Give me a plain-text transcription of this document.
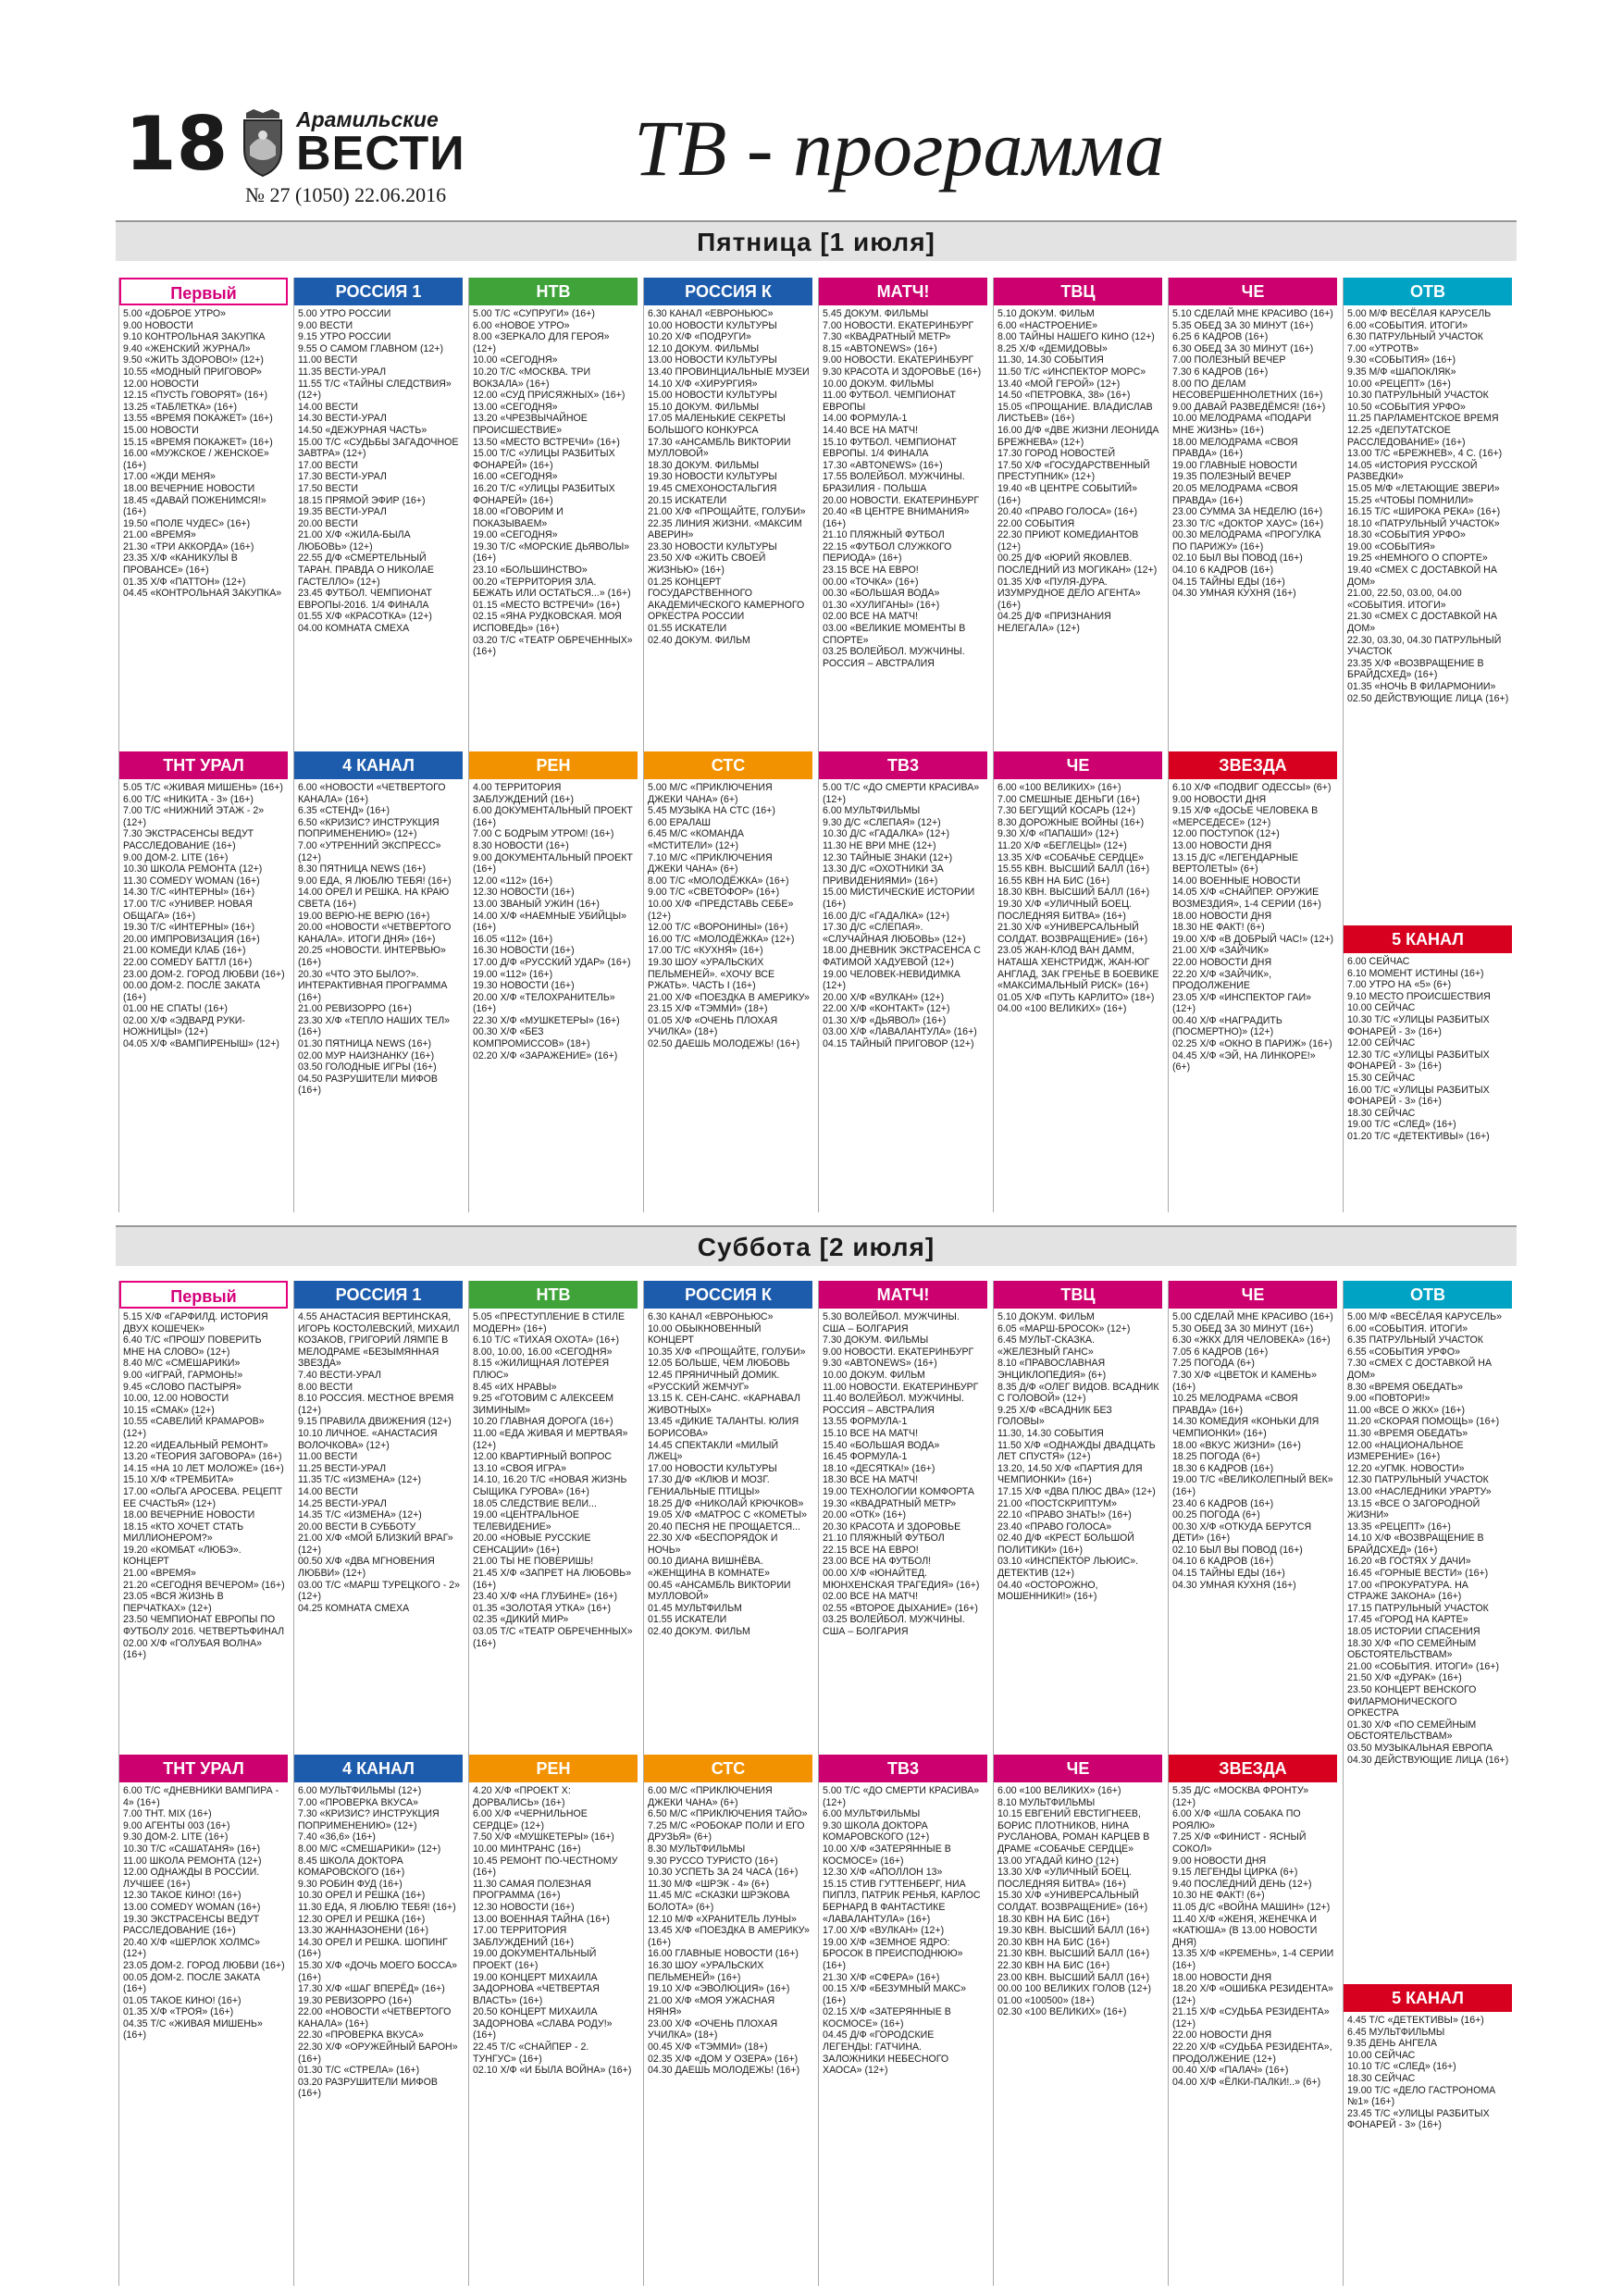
18	Арамильские
ВЕСТИ
№ 27 (1050) 22.06.2016
ТВ - программа
Пятница [1 июля]
Суббота [2 июля]
Первый
5.00 «ДОБРОЕ УТРО»
9.00 НОВОСТИ
9.10 КОНТРОЛЬНАЯ ЗАКУПКА
9.40 «ЖЕНСКИЙ ЖУРНАЛ»
9.50 «ЖИТЬ ЗДОРОВО!» (12+)
10.55 «МОДНЫЙ ПРИГОВОР»
12.00 НОВОСТИ
12.15 «ПУСТЬ ГОВОРЯТ» (16+)
13.25 «ТАБЛЕТКА» (16+)
13.55 «ВРЕМЯ ПОКАЖЕТ» (16+)
15.00 НОВОСТИ
15.15 «ВРЕМЯ ПОКАЖЕТ» (16+)
16.00 «МУЖСКОЕ / ЖЕНСКОЕ» (16+)
17.00 «ЖДИ МЕНЯ»
18.00 ВЕЧЕРНИЕ НОВОСТИ
18.45 «ДАВАЙ ПОЖЕНИМСЯ!» (16+)
19.50 «ПОЛЕ ЧУДЕС» (16+)
21.00 «ВРЕМЯ»
21.30 «ТРИ АККОРДА» (16+)
23.35 Х/Ф «КАНИКУЛЫ В ПРОВАНСЕ» (16+)
01.35 Х/Ф «ПАТТОН» (12+)
04.45 «КОНТРОЛЬНАЯ ЗАКУПКА»
РОССИЯ 1
5.00 УТРО РОССИИ
9.00 ВЕСТИ
9.15 УТРО РОССИИ
9.55 О САМОМ ГЛАВНОМ (12+)
11.00 ВЕСТИ
11.35 ВЕСТИ-УРАЛ
11.55 Т/С «ТАЙНЫ СЛЕДСТВИЯ» (12+)
14.00 ВЕСТИ
14.30 ВЕСТИ-УРАЛ
14.50 «ДЕЖУРНАЯ ЧАСТЬ»
15.00 Т/С «СУДЬБЫ ЗАГАДОЧНОЕ ЗАВТРА» (12+)
17.00 ВЕСТИ
17.30 ВЕСТИ-УРАЛ
17.50 ВЕСТИ
18.15 ПРЯМОЙ ЭФИР (16+)
19.35 ВЕСТИ-УРАЛ
20.00 ВЕСТИ
21.00 Х/Ф «ЖИЛА-БЫЛА ЛЮБОВЬ» (12+)
22.55 Д/Ф «СМЕРТЕЛЬНЫЙ ТАРАН. ПРАВДА О НИКОЛАЕ ГАСТЕЛЛО» (12+)
23.45 ФУТБОЛ. ЧЕМПИОНАТ ЕВРОПЫ-2016. 1/4 ФИНАЛА
01.55 Х/Ф «КРАСОТКА» (12+)
04.00 КОМНАТА СМЕХА
НТВ
5.00 Т/С «СУПРУГИ» (16+)
6.00 «НОВОЕ УТРО»
8.00 «ЗЕРКАЛО ДЛЯ ГЕРОЯ» (12+)
10.00 «СЕГОДНЯ»
10.20 Т/С «МОСКВА. ТРИ ВОКЗАЛА» (16+)
12.00 «СУД ПРИСЯЖНЫХ» (16+)
13.00 «СЕГОДНЯ»
13.20 «ЧРЕЗВЫЧАЙНОЕ ПРОИСШЕСТВИЕ»
13.50 «МЕСТО ВСТРЕЧИ» (16+)
15.00 Т/С «УЛИЦЫ РАЗБИТЫХ ФОНАРЕЙ» (16+)
16.00 «СЕГОДНЯ»
16.20 Т/С «УЛИЦЫ РАЗБИТЫХ ФОНАРЕЙ» (16+)
18.00 «ГОВОРИМ И ПОКАЗЫВАЕМ»
19.00 «СЕГОДНЯ»
19.30 Т/С «МОРСКИЕ ДЬЯВОЛЫ» (16+)
23.10 «БОЛЬШИНСТВО»
00.20 «ТЕРРИТОРИЯ ЗЛА. БЕЖАТЬ ИЛИ ОСТАТЬСЯ...» (16+)
01.15 «МЕСТО ВСТРЕЧИ» (16+)
02.15 «ЯНА РУДКОВСКАЯ. МОЯ ИСПОВЕДЬ» (16+)
03.20 Т/С «ТЕАТР ОБРЕЧЕННЫХ» (16+)
РОССИЯ К
6.30 КАНАЛ «ЕВРОНЬЮС»
10.00 НОВОСТИ КУЛЬТУРЫ
10.20 Х/Ф «ПОДРУГИ»
12.10 ДОКУМ. ФИЛЬМЫ
13.00 НОВОСТИ КУЛЬТУРЫ
13.40 ПРОВИНЦИАЛЬНЫЕ МУЗЕИ
14.10 Х/Ф «ХИРУРГИЯ»
15.00 НОВОСТИ КУЛЬТУРЫ
15.10 ДОКУМ. ФИЛЬМЫ
17.05 МАЛЕНЬКИЕ СЕКРЕТЫ БОЛЬШОГО КОНКУРСА
17.30 «АНСАМБЛЬ ВИКТОРИИ МУЛЛОВОЙ»
18.30 ДОКУМ. ФИЛЬМЫ
19.30 НОВОСТИ КУЛЬТУРЫ
19.45 СМЕХОНОСТАЛЬГИЯ
20.15 ИСКАТЕЛИ
21.00 Х/Ф «ПРОЩАЙТЕ, ГОЛУБИ»
22.35 ЛИНИЯ ЖИЗНИ. «МАКСИМ АВЕРИН»
23.30 НОВОСТИ КУЛЬТУРЫ
23.50 Х/Ф «ЖИТЬ СВОЕЙ ЖИЗНЬЮ» (16+)
01.25 КОНЦЕРТ ГОСУДАРСТВЕННОГО АКАДЕМИЧЕСКОГО КАМЕРНОГО ОРКЕСТРА РОССИИ
01.55 ИСКАТЕЛИ
02.40 ДОКУМ. ФИЛЬМ
МАТЧ!
5.45 ДОКУМ. ФИЛЬМЫ
7.00 НОВОСТИ. ЕКАТЕРИНБУРГ
7.30 «КВАДРАТНЫЙ МЕТР»
8.15 «ABTONEWS» (16+)
9.00 НОВОСТИ. ЕКАТЕРИНБУРГ
9.30 КРАСОТА И ЗДОРОВЬЕ (16+)
10.00 ДОКУМ. ФИЛЬМЫ
11.00 ФУТБОЛ. ЧЕМПИОНАТ ЕВРОПЫ
14.00 ФОРМУЛА-1
14.40 ВСЕ НА МАТЧ!
15.10 ФУТБОЛ. ЧЕМПИОНАТ ЕВРОПЫ. 1/4 ФИНАЛА
17.30 «ABTONEWS» (16+)
17.55 ВОЛЕЙБОЛ. МУЖЧИНЫ. БРАЗИЛИЯ - ПОЛЬША
20.00 НОВОСТИ. ЕКАТЕРИНБУРГ
20.40 «В ЦЕНТРЕ ВНИМАНИЯ» (16+)
21.10 ПЛЯЖНЫЙ ФУТБОЛ
22.15 «ФУТБОЛ СЛУЖКОГО ПЕРИОДА» (16+)
23.15 ВСЕ НА ЕВРО!
00.00 «ТОЧКА» (16+)
00.30 «БОЛЬШАЯ ВОДА»
01.30 «ХУЛИГАНЫ» (16+)
02.00 ВСЕ НА МАТЧ!
03.00 «ВЕЛИКИЕ МОМЕНТЫ В СПОРТЕ»
03.25 ВОЛЕЙБОЛ. МУЖЧИНЫ. РОССИЯ – АВСТРАЛИЯ
ТВЦ
5.10 ДОКУМ. ФИЛЬМ
6.00 «НАСТРОЕНИЕ»
8.00 ТАЙНЫ НАШЕГО КИНО (12+)
8.25 Х/Ф «ДЕМИДОВЫ»
11.30, 14.30 СОБЫТИЯ
11.50 Т/С «ИНСПЕКТОР МОРС»
13.40 «МОЙ ГЕРОЙ» (12+)
14.50 «ПЕТРОВКА, 38» (16+)
15.05 «ПРОЩАНИЕ. ВЛАДИСЛАВ ЛИСТЬЕВ» (16+)
16.00 Д/Ф «ДВЕ ЖИЗНИ ЛЕОНИДА БРЕЖНЕВА» (12+)
17.30 ГОРОД НОВОСТЕЙ
17.50 Х/Ф «ГОСУДАРСТВЕННЫЙ ПРЕСТУПНИК» (12+)
19.40 «В ЦЕНТРЕ СОБЫТИЙ» (16+)
20.40 «ПРАВО ГОЛОСА» (16+)
22.00 СОБЫТИЯ
22.30 ПРИЮТ КОМЕДИАНТОВ (12+)
00.25 Д/Ф «ЮРИЙ ЯКОВЛЕВ. ПОСЛЕДНИЙ ИЗ МОГИКАН» (12+)
01.35 Х/Ф «ПУЛЯ-ДУРА. ИЗУМРУДНОЕ ДЕЛО АГЕНТА» (16+)
04.25 Д/Ф «ПРИЗНАНИЯ НЕЛЕГАЛА» (12+)
ЧЕ
5.10 СДЕЛАЙ МНЕ КРАСИВО (16+)
5.35 ОБЕД ЗА 30 МИНУТ (16+)
6.25 6 КАДРОВ (16+)
6.30 ОБЕД ЗА 30 МИНУТ (16+)
7.00 ПОЛЕЗНЫЙ ВЕЧЕР
7.30 6 КАДРОВ (16+)
8.00 ПО ДЕЛАМ НЕСОВЕРШЕННОЛЕТНИХ (16+)
9.00 ДАВАЙ РАЗВЕДЁМСЯ! (16+)
10.00 МЕЛОДРАМА «ПОДАРИ МНЕ ЖИЗНЬ» (16+)
18.00 МЕЛОДРАМА «СВОЯ ПРАВДА» (16+)
19.00 ГЛАВНЫЕ НОВОСТИ
19.35 ПОЛЕЗНЫЙ ВЕЧЕР
20.05 МЕЛОДРАМА «СВОЯ ПРАВДА» (16+)
23.00 СУММА ЗА НЕДЕЛЮ (16+)
23.30 Т/С «ДОКТОР ХАУС» (16+)
00.30 МЕЛОДРАМА «ПРОГУЛКА ПО ПАРИЖУ» (16+)
02.10 БЫЛ ВЫ ПОВОД (16+)
04.10 6 КАДРОВ (16+)
04.15 ТАЙНЫ ЕДЫ (16+)
04.30 УМНАЯ КУХНЯ (16+)
ОТВ
5.00 М/Ф ВЕСЁЛАЯ КАРУСЕЛЬ
6.00 «СОБЫТИЯ. ИТОГИ»
6.30 ПАТРУЛЬНЫЙ УЧАСТОК
7.00 «УТРОТВ»
9.30 «СОБЫТИЯ» (16+)
9.35 М/Ф «ШАПОКЛЯК»
10.00 «РЕЦЕПТ» (16+)
10.30 ПАТРУЛЬНЫЙ УЧАСТОК
10.50 «СОБЫТИЯ УРФО»
11.25 ПАРЛАМЕНТСКОЕ ВРЕМЯ
12.25 «ДЕПУТАТСКОЕ РАССЛЕДОВАНИЕ» (16+)
13.00 Т/С «БРЕЖНЕВ», 4 С. (16+)
14.05 «ИСТОРИЯ РУССКОЙ РАЗВЕДКИ»
15.05 М/Ф «ЛЕТАЮЩИЕ ЗВЕРИ»
15.25 «ЧТОБЫ ПОМНИЛИ»
16.15 Т/С «ШИРОКА РЕКА» (16+)
18.10 «ПАТРУЛЬНЫЙ УЧАСТОК»
18.30 «СОБЫТИЯ УРФО»
19.00 «СОБЫТИЯ»
19.25 «НЕМНОГО О СПОРТЕ»
19.40 «СМЕХ С ДОСТАВКОЙ НА ДОМ»
21.00, 22.50, 03.00, 04.00 «СОБЫТИЯ. ИТОГИ»
21.30 «СМЕХ С ДОСТАВКОЙ НА ДОМ»
22.30, 03.30, 04.30 ПАТРУЛЬНЫЙ УЧАСТОК
23.35 Х/Ф «ВОЗВРАЩЕНИЕ В БРАЙДСХЕД» (16+)
01.35 «НОЧЬ В ФИЛАРМОНИИ»
02.50 ДЕЙСТВУЮЩИЕ ЛИЦА (16+)
ТНТ УРАЛ
5.05 Т/С «ЖИВАЯ МИШЕНЬ» (16+)
6.00 Т/С «НИКИТА - 3» (16+)
7.00 Т/С «НИЖНИЙ ЭТАЖ - 2» (12+)
7.30 ЭКСТРАСЕНСЫ ВЕДУТ РАССЛЕДОВАНИЕ (16+)
9.00 ДОМ-2. LITE (16+)
10.30 ШКОЛА РЕМОНТА (12+)
11.30 COMEDY WOMAN (16+)
14.30 Т/С «ИНТЕРНЫ» (16+)
17.00 Т/С «УНИВЕР. НОВАЯ ОБЩАГА» (16+)
19.30 Т/С «ИНТЕРНЫ» (16+)
20.00 ИМПРОВИЗАЦИЯ (16+)
21.00 КОМЕДИ КЛАБ (16+)
22.00 COMEDY БАТТЛ (16+)
23.00 ДОМ-2. ГОРОД ЛЮБВИ (16+)
00.00 ДОМ-2. ПОСЛЕ ЗАКАТА (16+)
01.00 НЕ СПАТЬ! (16+)
02.00 Х/Ф «ЭДВАРД РУКИ-НОЖНИЦЫ» (12+)
04.05 Х/Ф «ВАМПИРЕНЫШ» (12+)
4 КАНАЛ
6.00 «НОВОСТИ «ЧЕТВЕРТОГО КАНАЛА» (16+)
6.35 «СТЕНД» (16+)
6.50 «КРИЗИС? ИНСТРУКЦИЯ ПОПРИМЕНЕНИЮ» (12+)
7.00 «УТРЕННИЙ ЭКСПРЕСС» (12+)
8.30 ПЯТНИЦА NEWS (16+)
9.00 ЕДА, Я ЛЮБЛЮ ТЕБЯ! (16+)
14.00 ОРЕЛ И РЕШКА. НА КРАЮ СВЕТА (16+)
19.00 ВЕРЮ-НЕ ВЕРЮ (16+)
20.00 «НОВОСТИ «ЧЕТВЕРТОГО КАНАЛА». ИТОГИ ДНЯ» (16+)
20.25 «НОВОСТИ. ИНТЕРВЬЮ» (16+)
20.30 «ЧТО ЭТО БЫЛО?». ИНТЕРАКТИВНАЯ ПРОГРАММА (16+)
21.00 РЕВИЗОРРО (16+)
23.30 Х/Ф «ТЕПЛО НАШИХ ТЕЛ» (16+)
01.30 ПЯТНИЦА NEWS (16+)
02.00 МУР НАИЗНАНКУ (16+)
03.50 ГОЛОДНЫЕ ИГРЫ (16+)
04.50 РАЗРУШИТЕЛИ МИФОВ (16+)
РЕН
4.00 ТЕРРИТОРИЯ ЗАБЛУЖДЕНИЙ (16+)
6.00 ДОКУМЕНТАЛЬНЫЙ ПРОЕКТ (16+)
7.00 С БОДРЫМ УТРОМ! (16+)
8.30 НОВОСТИ (16+)
9.00 ДОКУМЕНТАЛЬНЫЙ ПРОЕКТ (16+)
12.00 «112» (16+)
12.30 НОВОСТИ (16+)
13.00 ЗВАНЫЙ УЖИН (16+)
14.00 Х/Ф «НАЕМНЫЕ УБИЙЦЫ» (16+)
16.05 «112» (16+)
16.30 НОВОСТИ (16+)
17.00 Д/Ф «РУССКИЙ УДАР» (16+)
19.00 «112» (16+)
19.30 НОВОСТИ (16+)
20.00 Х/Ф «ТЕЛОХРАНИТЕЛЬ» (16+)
22.30 Х/Ф «МУШКЕТЕРЫ» (16+)
00.30 Х/Ф «БЕЗ КОМПРОМИССОВ» (18+)
02.20 Х/Ф «ЗАРАЖЕНИЕ» (16+)
СТС
5.00 М/С «ПРИКЛЮЧЕНИЯ ДЖЕКИ ЧАНА» (6+)
5.45 МУЗЫКА НА СТС (16+)
6.00 ЕРАЛАШ
6.45 М/С «КОМАНДА «МСТИТЕЛИ» (12+)
7.10 М/С «ПРИКЛЮЧЕНИЯ ДЖЕКИ ЧАНА» (6+)
8.00 Т/С «МОЛОДЁЖКА» (16+)
9.00 Т/С «СВЕТОФОР» (16+)
10.00 Х/Ф «ПРЕДСТАВЬ СЕБЕ» (12+)
12.00 Т/С «ВОРОНИНЫ» (16+)
16.00 Т/С «МОЛОДЁЖКА» (12+)
17.00 Т/С «КУХНЯ» (16+)
19.30 ШОУ «УРАЛЬСКИХ ПЕЛЬМЕНЕЙ». «ХОЧУ ВСЕ РЖАТЬ». ЧАСТЬ I (16+)
21.00 Х/Ф «ПОЕЗДКА В АМЕРИКУ»
23.15 Х/Ф «ТЭММИ» (18+)
01.05 Х/Ф «ОЧЕНЬ ПЛОХАЯ УЧИЛКА» (18+)
02.50 ДАЕШЬ МОЛОДЕЖЬ! (16+)
ТВ3
5.00 Т/С «ДО СМЕРТИ КРАСИВА» (12+)
6.00 МУЛЬТФИЛЬМЫ
9.30 Д/С «СЛЕПАЯ» (12+)
10.30 Д/С «ГАДАЛКА» (12+)
11.30 НЕ ВРИ МНЕ (12+)
12.30 ТАЙНЫЕ ЗНАКИ (12+)
13.30 Д/С «ОХОТНИКИ ЗА ПРИВИДЕНИЯМИ» (16+)
15.00 МИСТИЧЕСКИЕ ИСТОРИИ (16+)
16.00 Д/С «ГАДАЛКА» (12+)
17.30 Д/С «СЛЕПАЯ». «СЛУЧАЙНАЯ ЛЮБОВЬ» (12+)
18.00 ДНЕВНИК ЭКСТРАСЕНСА С ФАТИМОЙ ХАДУЕВОЙ (12+)
19.00 ЧЕЛОВЕК-НЕВИДИМКА (12+)
20.00 Х/Ф «ВУЛКАН» (12+)
22.00 Х/Ф «КОНТАКТ» (12+)
01.30 Х/Ф «ДЬЯВОЛ» (16+)
03.00 Х/Ф «ЛАВАЛАНТУЛА» (16+)
04.15 ТАЙНЫЙ ПРИГОВОР (12+)
ЧЕ
6.00 «100 ВЕЛИКИХ» (16+)
7.00 СМЕШНЫЕ ДЕНЬГИ (16+)
7.30 БЕГУЩИЙ КОСАРЬ (12+)
8.30 ДОРОЖНЫЕ ВОЙНЫ (16+)
9.30 Х/Ф «ПАПАШИ» (12+)
11.20 Х/Ф «БЕГЛЕЦЫ» (12+)
13.35 Х/Ф «СОБАЧЬЕ СЕРДЦЕ»
15.55 КВН. ВЫСШИЙ БАЛЛ (16+)
16.55 КВН НА БИС (16+)
18.30 КВН. ВЫСШИЙ БАЛЛ (16+)
19.30 Х/Ф «УЛИЧНЫЙ БОЕЦ. ПОСЛЕДНЯЯ БИТВА» (16+)
21.30 Х/Ф «УНИВЕРСАЛЬНЫЙ СОЛДАТ. ВОЗВРАЩЕНИЕ» (16+)
23.05 ЖАН-КЛОД ВАН ДАММ, НАТАША ХЕНСТРИДЖ, ЖАН-ЮГ АНГЛАД, ЗАК ГРЕНЬЕ В БОЕВИКЕ «МАКСИМАЛЬНЫЙ РИСК» (16+)
01.05 Х/Ф «ПУТЬ КАРЛИТО» (18+)
04.00 «100 ВЕЛИКИХ» (16+)
ЗВЕЗДА
6.10 Х/Ф «ПОДВИГ ОДЕССЫ» (6+)
9.00 НОВОСТИ ДНЯ
9.15 Х/Ф «ДОСЬЕ ЧЕЛОВЕКА В «МЕРСЕДЕСЕ» (12+)
12.00 ПОСТУПОК (12+)
13.00 НОВОСТИ ДНЯ
13.15 Д/С «ЛЕГЕНДАРНЫЕ ВЕРТОЛЕТЫ» (6+)
14.00 ВОЕННЫЕ НОВОСТИ
14.05 Х/Ф «СНАЙПЕР. ОРУЖИЕ ВОЗМЕЗДИЯ», 1-4 СЕРИИ (16+)
18.00 НОВОСТИ ДНЯ
18.30 НЕ ФАКТ! (6+)
19.00 Х/Ф «В ДОБРЫЙ ЧАС!» (12+)
21.00 Х/Ф «ЗАЙЧИК»
22.00 НОВОСТИ ДНЯ
22.20 Х/Ф «ЗАЙЧИК», ПРОДОЛЖЕНИЕ
23.05 Х/Ф «ИНСПЕКТОР ГАИ» (12+)
00.40 Х/Ф «НАГРАДИТЬ (ПОСМЕРТНО)» (12+)
02.25 Х/Ф «ОКНО В ПАРИЖ» (16+)
04.45 Х/Ф «ЭЙ, НА ЛИНКОРЕ!» (6+)
5 КАНАЛ
6.00 СЕЙЧАС
6.10 МОМЕНТ ИСТИНЫ (16+)
7.00 УТРО НА «5» (6+)
9.10 МЕСТО ПРОИСШЕСТВИЯ
10.00 СЕЙЧАС
10.30 Т/С «УЛИЦЫ РАЗБИТЫХ ФОНАРЕЙ - 3» (16+)
12.00 СЕЙЧАС
12.30 Т/С «УЛИЦЫ РАЗБИТЫХ ФОНАРЕЙ - 3» (16+)
15.30 СЕЙЧАС
16.00 Т/С «УЛИЦЫ РАЗБИТЫХ ФОНАРЕЙ - 3» (16+)
18.30 СЕЙЧАС
19.00 Т/С «СЛЕД» (16+)
01.20 Т/С «ДЕТЕКТИВЫ» (16+)
Первый
5.15 Х/Ф «ГАРФИЛД. ИСТОРИЯ ДВУХ КОШЕЧЕК»
6.40 Т/С «ПРОШУ ПОВЕРИТЬ МНЕ НА СЛОВО» (12+)
8.40 М/С «СМЕШАРИКИ»
9.00 «ИГРАЙ, ГАРМОНЬ!»
9.45 «СЛОВО ПАСТЫРЯ»
10.00, 12.00 НОВОСТИ
10.15 «СМАК» (12+)
10.55 «САВЕЛИЙ КРАМАРОВ» (12+)
12.20 «ИДЕАЛЬНЫЙ РЕМОНТ»
13.20 «ТЕОРИЯ ЗАГОВОРА» (16+)
14.15 «НА 10 ЛЕТ МОЛОЖЕ» (16+)
15.10 Х/Ф «ТРЕМБИТА»
17.00 «ОЛЬГА АРОСЕВА. РЕЦЕПТ ЕЕ СЧАСТЬЯ» (12+)
18.00 ВЕЧЕРНИЕ НОВОСТИ
18.15 «КТО ХОЧЕТ СТАТЬ МИЛЛИОНЕРОМ?»
19.20 «КОМБАТ «ЛЮБЭ». КОНЦЕРТ
21.00 «ВРЕМЯ»
21.20 «СЕГОДНЯ ВЕЧЕРОМ» (16+)
23.05 «ВСЯ ЖИЗНЬ В ПЕРЧАТКАХ» (12+)
23.50 ЧЕМПИОНАТ ЕВРОПЫ ПО ФУТБОЛУ 2016. ЧЕТВЕРТЬФИНАЛ
02.00 Х/Ф «ГОЛУБАЯ ВОЛНА» (16+)
РОССИЯ 1
4.55 АНАСТАСИЯ ВЕРТИНСКАЯ, ИГОРЬ КОСТОЛЕВСКИЙ, МИХАИЛ КОЗАКОВ, ГРИГОРИЙ ЛЯМПЕ В МЕЛОДРАМЕ «БЕЗЫМЯННАЯ ЗВЕЗДА»
7.40 ВЕСТИ-УРАЛ
8.00 ВЕСТИ
8.10 РОССИЯ. МЕСТНОЕ ВРЕМЯ (12+)
9.15 ПРАВИЛА ДВИЖЕНИЯ (12+)
10.10 ЛИЧНОЕ. «АНАСТАСИЯ ВОЛОЧКОВА» (12+)
11.00 ВЕСТИ
11.25 ВЕСТИ-УРАЛ
11.35 Т/С «ИЗМЕНА» (12+)
14.00 ВЕСТИ
14.25 ВЕСТИ-УРАЛ
14.35 Т/С «ИЗМЕНА» (12+)
20.00 ВЕСТИ В СУББОТУ
21.00 Х/Ф «МОЙ БЛИЗКИЙ ВРАГ» (12+)
00.50 Х/Ф «ДВА МГНОВЕНИЯ ЛЮБВИ» (12+)
03.00 Т/С «МАРШ ТУРЕЦКОГО - 2» (12+)
04.25 КОМНАТА СМЕХА
НТВ
5.05 «ПРЕСТУПЛЕНИЕ В СТИЛЕ МОДЕРН» (16+)
6.10 Т/С «ТИХАЯ ОХОТА» (16+)
8.00, 10.00, 16.00 «СЕГОДНЯ»
8.15 «ЖИЛИЩНАЯ ЛОТЕРЕЯ ПЛЮС»
8.45 «ИХ НРАВЫ»
9.25 «ГОТОВИМ С АЛЕКСЕЕМ ЗИМИНЫМ»
10.20 ГЛАВНАЯ ДОРОГА (16+)
11.00 «ЕДА ЖИВАЯ И МЕРТВАЯ» (12+)
12.00 КВАРТИРНЫЙ ВОПРОС
13.10 «СВОЯ ИГРА»
14.10, 16.20 Т/С «НОВАЯ ЖИЗНЬ СЫЩИКА ГУРОВА» (16+)
18.05 СЛЕДСТВИЕ ВЕЛИ...
19.00 «ЦЕНТРАЛЬНОЕ ТЕЛЕВИДЕНИЕ»
20.00 «НОВЫЕ РУССКИЕ СЕНСАЦИИ» (16+)
21.00 ТЫ НЕ ПОВЕРИШЬ!
21.45 Х/Ф «ЗАПРЕТ НА ЛЮБОВЬ» (16+)
23.40 Х/Ф «НА ГЛУБИНЕ» (16+)
01.35 «ЗОЛОТАЯ УТКА» (16+)
02.35 «ДИКИЙ МИР»
03.05 Т/С «ТЕАТР ОБРЕЧЕННЫХ» (16+)
РОССИЯ К
6.30 КАНАЛ «ЕВРОНЬЮС»
10.00 ОБЫКНОВЕННЫЙ КОНЦЕРТ
10.35 Х/Ф «ПРОЩАЙТЕ, ГОЛУБИ»
12.05 БОЛЬШЕ, ЧЕМ ЛЮБОВЬ
12.45 ПРЯНИЧНЫЙ ДОМИК. «РУССКИЙ ЖЕМЧУГ»
13.15 К. СЕН-САНС. «КАРНАВАЛ ЖИВОТНЫХ»
13.45 «ДИКИЕ ТАЛАНТЫ. ЮЛИЯ БОРИСОВА»
14.45 СПЕКТАКЛИ «МИЛЫЙ ЛЖЕЦ»
17.00 НОВОСТИ КУЛЬТУРЫ
17.30 Д/Ф «КЛЮВ И МОЗГ. ГЕНИАЛЬНЫЕ ПТИЦЫ»
18.25 Д/Ф «НИКОЛАЙ КРЮЧКОВ»
19.05 Х/Ф «МАТРОС С «КОМЕТЫ»
20.40 ПЕСНЯ НЕ ПРОЩАЕТСЯ...
22.30 Х/Ф «БЕСПОРЯДОК И НОЧЬ»
00.10 ДИАНА ВИШНЁВА. «ЖЕНЩИНА В КОМНАТЕ»
00.45 «АНСАМБЛЬ ВИКТОРИИ МУЛЛОВОЙ»
01.45 МУЛЬТФИЛЬМ
01.55 ИСКАТЕЛИ
02.40 ДОКУМ. ФИЛЬМ
МАТЧ!
5.30 ВОЛЕЙБОЛ. МУЖЧИНЫ. США – БОЛГАРИЯ
7.30 ДОКУМ. ФИЛЬМЫ
9.00 НОВОСТИ. ЕКАТЕРИНБУРГ
9.30 «ABTONEWS» (16+)
10.00 ДОКУМ. ФИЛЬМ
11.00 НОВОСТИ. ЕКАТЕРИНБУРГ
11.40 ВОЛЕЙБОЛ. МУЖЧИНЫ. РОССИЯ – АВСТРАЛИЯ
13.55 ФОРМУЛА-1
15.10 ВСЕ НА МАТЧ!
15.40 «БОЛЬШАЯ ВОДА»
16.45 ФОРМУЛА-1
18.10 «ДЕСЯТКА!» (16+)
18.30 ВСЕ НА МАТЧ!
19.00 ТЕХНОЛОГИИ КОМФОРТА
19.30 «КВАДРАТНЫЙ МЕТР»
20.00 «ОТК» (16+)
20.30 КРАСОТА И ЗДОРОВЬЕ
21.10 ПЛЯЖНЫЙ ФУТБОЛ
22.15 ВСЕ НА ЕВРО!
23.00 ВСЕ НА ФУТБОЛ!
00.00 Х/Ф «ЮНАЙТЕД. МЮНХЕНСКАЯ ТРАГЕДИЯ» (16+)
02.00 ВСЕ НА МАТЧ!
02.55 «ВТОРОЕ ДЫХАНИЕ» (16+)
03.25 ВОЛЕЙБОЛ. МУЖЧИНЫ. США – БОЛГАРИЯ
ТВЦ
5.10 ДОКУМ. ФИЛЬМ
6.05 «МАРШ-БРОСОК» (12+)
6.45 МУЛЬТ-СКАЗКА. «ЖЕЛЕЗНЫЙ ГАНС»
8.10 «ПРАВОСЛАВНАЯ ЭНЦИКЛОПЕДИЯ» (6+)
8.35 Д/Ф «ОЛЕГ ВИДОВ. ВСАДНИК С ГОЛОВОЙ» (12+)
9.25 Х/Ф «ВСАДНИК БЕЗ ГОЛОВЫ»
11.30, 14.30 СОБЫТИЯ
11.50 Х/Ф «ОДНАЖДЫ ДВАДЦАТЬ ЛЕТ СПУСТЯ» (12+)
13.20, 14.50 Х/Ф «ПАРТИЯ ДЛЯ ЧЕМПИОНКИ» (16+)
17.15 Х/Ф «ДВА ПЛЮС ДВА» (12+)
21.00 «ПОСТСКРИПТУМ»
22.10 «ПРАВО ЗНАТЬ!» (16+)
23.40 «ПРАВО ГОЛОСА»
02.40 Д/Ф «КРЕСТ БОЛЬШОЙ ПОЛИТИКИ» (16+)
03.10 «ИНСПЕКТОР ЛЬЮИС». ДЕТЕКТИВ (12+)
04.40 «ОСТОРОЖНО, МОШЕННИКИ!» (16+)
ЧЕ
5.00 СДЕЛАЙ МНЕ КРАСИВО (16+)
5.30 ОБЕД ЗА 30 МИНУТ (16+)
6.30 «ЖКХ ДЛЯ ЧЕЛОВЕКА» (16+)
7.05 6 КАДРОВ (16+)
7.25 ПОГОДА (6+)
7.30 Х/Ф «ЦВЕТОК И КАМЕНЬ» (16+)
10.25 МЕЛОДРАМА «СВОЯ ПРАВДА» (16+)
14.30 КОМЕДИЯ «КОНЬКИ ДЛЯ ЧЕМПИОНКИ» (16+)
18.00 «ВКУС ЖИЗНИ» (16+)
18.25 ПОГОДА (6+)
18.30 6 КАДРОВ (16+)
19.00 Т/С «ВЕЛИКОЛЕПНЫЙ ВЕК» (16+)
23.40 6 КАДРОВ (16+)
00.25 ПОГОДА (6+)
00.30 Х/Ф «ОТКУДА БЕРУТСЯ ДЕТИ» (16+)
02.10 БЫЛ ВЫ ПОВОД (16+)
04.10 6 КАДРОВ (16+)
04.15 ТАЙНЫ ЕДЫ (16+)
04.30 УМНАЯ КУХНЯ (16+)
ОТВ
5.00 М/Ф «ВЕСЁЛАЯ КАРУСЕЛЬ»
6.00 «СОБЫТИЯ. ИТОГИ»
6.35 ПАТРУЛЬНЫЙ УЧАСТОК
6.55 «СОБЫТИЯ УРФО»
7.30 «СМЕХ С ДОСТАВКОЙ НА ДОМ»
8.30 «ВРЕМЯ ОБЕДАТЬ»
9.00 «ПОВТОРИ!»
11.00 «ВСЕ О ЖКХ» (16+)
11.20 «СКОРАЯ ПОМОЩЬ» (16+)
11.30 «ВРЕМЯ ОБЕДАТЬ»
12.00 «НАЦИОНАЛЬНОЕ ИЗМЕРЕНИЕ» (16+)
12.20 «УГМК. НОВОСТИ»
12.30 ПАТРУЛЬНЫЙ УЧАСТОК
13.00 «НАСЛЕДНИКИ УРАРТУ»
13.15 «ВСЕ О ЗАГОРОДНОЙ ЖИЗНИ»
13.35 «РЕЦЕПТ» (16+)
14.10 Х/Ф «ВОЗВРАЩЕНИЕ В БРАЙДСХЕД» (16+)
16.20 «В ГОСТЯХ У ДАЧИ»
16.45 «ГОРНЫЕ ВЕСТИ» (16+)
17.00 «ПРОКУРАТУРА. НА СТРАЖЕ ЗАКОНА» (16+)
17.15 ПАТРУЛЬНЫЙ УЧАСТОК
17.45 «ГОРОД НА КАРТЕ»
18.05 ИСТОРИИ СПАСЕНИЯ
18.30 Х/Ф «ПО СЕМЕЙНЫМ ОБСТОЯТЕЛЬСТВАМ»
21.00 «СОБЫТИЯ. ИТОГИ» (16+)
21.50 Х/Ф «ДУРАК» (16+)
23.50 КОНЦЕРТ ВЕНСКОГО ФИЛАРМОНИЧЕСКОГО ОРКЕСТРА
01.30 Х/Ф «ПО СЕМЕЙНЫМ ОБСТОЯТЕЛЬСТВАМ»
03.50 МУЗЫКАЛЬНАЯ ЕВРОПА
04.30 ДЕЙСТВУЮЩИЕ ЛИЦА (16+)
ТНТ УРАЛ
6.00 Т/С «ДНЕВНИКИ ВАМПИРА - 4» (16+)
7.00 ТНТ. MIX (16+)
9.00 АГЕНТЫ 003 (16+)
9.30 ДОМ-2. LITE (16+)
10.30 Т/С «САШАТАНЯ» (16+)
11.00 ШКОЛА РЕМОНТА (12+)
12.00 ОДНАЖДЫ В РОССИИ. ЛУЧШЕЕ (16+)
12.30 ТАКОЕ КИНО! (16+)
13.00 COMEDY WOMAN (16+)
19.30 ЭКСТРАСЕНСЫ ВЕДУТ РАССЛЕДОВАНИЕ (16+)
20.40 Х/Ф «ШЕРЛОК ХОЛМС» (12+)
23.05 ДОМ-2. ГОРОД ЛЮБВИ (16+)
00.05 ДОМ-2. ПОСЛЕ ЗАКАТА (16+)
01.05 ТАКОЕ КИНО! (16+)
01.35 Х/Ф «ТРОЯ» (16+)
04.35 Т/С «ЖИВАЯ МИШЕНЬ» (16+)
4 КАНАЛ
6.00 МУЛЬТФИЛЬМЫ (12+)
7.00 «ПРОВЕРКА ВКУСА»
7.30 «КРИЗИС? ИНСТРУКЦИЯ ПОПРИМЕНЕНИЮ» (12+)
7.40 «36,6» (16+)
8.00 М/С «СМЕШАРИКИ» (12+)
8.45 ШКОЛА ДОКТОРА КОМАРОВСКОГО (16+)
9.30 РОБИН ФУД (16+)
10.30 ОРЕЛ И РЕШКА (16+)
11.30 ЕДА, Я ЛЮБЛЮ ТЕБЯ! (16+)
12.30 ОРЕЛ И РЕШКА (16+)
13.30 ЖАННАЗОНЕНИ (16+)
14.30 ОРЕЛ И РЕШКА. ШОПИНГ (16+)
15.30 Х/Ф «ДОЧЬ МОЕГО БОССА» (16+)
17.30 Х/Ф «ШАГ ВПЕРЁД» (16+)
19.30 РЕВИЗОРРО (16+)
22.00 «НОВОСТИ «ЧЕТВЕРТОГО КАНАЛА» (16+)
22.30 «ПРОВЕРКА ВКУСА»
22.30 Х/Ф «ОРУЖЕЙНЫЙ БАРОН» (16+)
01.30 Т/С «СТРЕЛА» (16+)
03.20 РАЗРУШИТЕЛИ МИФОВ (16+)
РЕН
4.20 Х/Ф «ПРОЕКТ Х: ДОРВАЛИСЬ» (16+)
6.00 Х/Ф «ЧЕРНИЛЬНОЕ СЕРДЦЕ» (12+)
7.50 Х/Ф «МУШКЕТЕРЫ» (16+)
10.00 МИНТРАНС (16+)
10.45 РЕМОНТ ПО-ЧЕСТНОМУ (16+)
11.30 САМАЯ ПОЛЕЗНАЯ ПРОГРАММА (16+)
12.30 НОВОСТИ (16+)
13.00 ВОЕННАЯ ТАЙНА (16+)
17.00 ТЕРРИТОРИЯ ЗАБЛУЖДЕНИЙ (16+)
19.00 ДОКУМЕНТАЛЬНЫЙ ПРОЕКТ (16+)
19.00 КОНЦЕРТ МИХАИЛА ЗАДОРНОВА «ЧЕТВЕРТАЯ ВЛАСТЬ» (16+)
20.50 КОНЦЕРТ МИХАИЛА ЗАДОРНОВА «СЛАВА РОДУ!» (16+)
22.45 Т/С «СНАЙПЕР - 2. ТУНГУС» (16+)
02.10 Х/Ф «И БЫЛА ВОЙНА» (16+)
СТС
6.00 М/С «ПРИКЛЮЧЕНИЯ ДЖЕКИ ЧАНА» (6+)
6.50 М/С «ПРИКЛЮЧЕНИЯ ТАЙО»
7.25 М/С «РОБОКАР ПОЛИ И ЕГО ДРУЗЬЯ» (6+)
8.30 МУЛЬТФИЛЬМЫ
9.30 РУССО ТУРИСТО (16+)
10.30 УСПЕТЬ ЗА 24 ЧАСА (16+)
11.30 М/Ф «ШРЭК - 4» (6+)
11.45 М/С «СКАЗКИ ШРЭКОВА БОЛОТА» (6+)
12.10 М/Ф «ХРАНИТЕЛЬ ЛУНЫ»
13.45 Х/Ф «ПОЕЗДКА В АМЕРИКУ» (16+)
16.00 ГЛАВНЫЕ НОВОСТИ (16+)
16.30 ШОУ «УРАЛЬСКИХ ПЕЛЬМЕНЕЙ» (16+)
19.10 Х/Ф «ЭВОЛЮЦИЯ» (16+)
21.00 Х/Ф «МОЯ УЖАСНАЯ НЯНЯ»
23.00 Х/Ф «ОЧЕНЬ ПЛОХАЯ УЧИЛКА» (18+)
00.45 Х/Ф «ТЭММИ» (18+)
02.35 Х/Ф «ДОМ У ОЗЕРА» (16+)
04.30 ДАЕШЬ МОЛОДЕЖЬ! (16+)
ТВ3
5.00 Т/С «ДО СМЕРТИ КРАСИВА» (12+)
6.00 МУЛЬТФИЛЬМЫ
9.30 ШКОЛА ДОКТОРА КОМАРОВСКОГО (12+)
10.00 Х/Ф «ЗАТЕРЯННЫЕ В КОСМОСЕ» (16+)
12.30 Х/Ф «АПОЛЛОН 13»
15.15 СТИВ ГУТТЕНБЕРГ, НИА ПИПЛЗ, ПАТРИК РЕНЬЯ, КАРЛОС БЕРНАРД В ФАНТАСТИКЕ «ЛАВАЛАНТУЛА» (16+)
17.00 Х/Ф «ВУЛКАН» (12+)
19.00 Х/Ф «ЗЕМНОЕ ЯДРО: БРОСОК В ПРЕИСПОДНЮЮ» (16+)
21.30 Х/Ф «СФЕРА» (16+)
00.15 Х/Ф «БЕЗУМНЫЙ МАКС» (16+)
02.15 Х/Ф «ЗАТЕРЯННЫЕ В КОСМОСЕ» (16+)
04.45 Д/Ф «ГОРОДСКИЕ ЛЕГЕНДЫ: ГАТЧИНА. ЗАЛОЖНИКИ НЕБЕСНОГО ХАОСА» (12+)
ЧЕ
6.00 «100 ВЕЛИКИХ» (16+)
8.10 МУЛЬТФИЛЬМЫ
10.15 ЕВГЕНИЙ ЕВСТИГНЕЕВ, БОРИС ПЛОТНИКОВ, НИНА РУСЛАНОВА, РОМАН КАРЦЕВ В ДРАМЕ «СОБАЧЬЕ СЕРДЦЕ»
13.00 УГАДАЙ КИНО (12+)
13.30 Х/Ф «УЛИЧНЫЙ БОЕЦ. ПОСЛЕДНЯЯ БИТВА» (16+)
15.30 Х/Ф «УНИВЕРСАЛЬНЫЙ СОЛДАТ. ВОЗВРАЩЕНИЕ» (16+)
18.30 КВН НА БИС (16+)
19.30 КВН. ВЫСШИЙ БАЛЛ (16+)
20.30 КВН НА БИС (16+)
21.30 КВН. ВЫСШИЙ БАЛЛ (16+)
22.30 КВН НА БИС (16+)
23.00 КВН. ВЫСШИЙ БАЛЛ (16+)
00.00 100 ВЕЛИКИХ ГОЛОВ (12+)
01.00 «100500» (18+)
02.30 «100 ВЕЛИКИХ» (16+)
ЗВЕЗДА
5.35 Д/С «МОСКВА ФРОНТУ» (12+)
6.00 Х/Ф «ШЛА СОБАКА ПО РОЯЛЮ»
7.25 Х/Ф «ФИНИСТ - ЯСНЫЙ СОКОЛ»
9.00 НОВОСТИ ДНЯ
9.15 ЛЕГЕНДЫ ЦИРКА (6+)
9.40 ПОСЛЕДНИЙ ДЕНЬ (12+)
10.30 НЕ ФАКТ! (6+)
11.05 Д/С «ВОЙНА МАШИН» (12+)
11.40 Х/Ф «ЖЕНЯ, ЖЕНЕЧКА И «КАТЮША» (В 13.00 НОВОСТИ ДНЯ)
13.35 Х/Ф «КРЕМЕНЬ», 1-4 СЕРИИ (16+)
18.00 НОВОСТИ ДНЯ
18.20 Х/Ф «ОШИБКА РЕЗИДЕНТА» (12+)
21.15 Х/Ф «СУДЬБА РЕЗИДЕНТА» (12+)
22.00 НОВОСТИ ДНЯ
22.20 Х/Ф «СУДЬБА РЕЗИДЕНТА», ПРОДОЛЖЕНИЕ (12+)
00.40 Х/Ф «ПАЛАЧ» (16+)
04.00 Х/Ф «ЁЛКИ-ПАЛКИ!..» (6+)
5 КАНАЛ
4.45 Т/С «ДЕТЕКТИВЫ» (16+)
6.45 МУЛЬТФИЛЬМЫ
9.35 ДЕНЬ АНГЕЛА
10.00 СЕЙЧАС
10.10 Т/С «СЛЕД» (16+)
18.30 СЕЙЧАС
19.00 Т/С «ДЕЛО ГАСТРОНОМА №1» (16+)
23.45 Т/С «УЛИЦЫ РАЗБИТЫХ ФОНАРЕЙ - 3» (16+)
